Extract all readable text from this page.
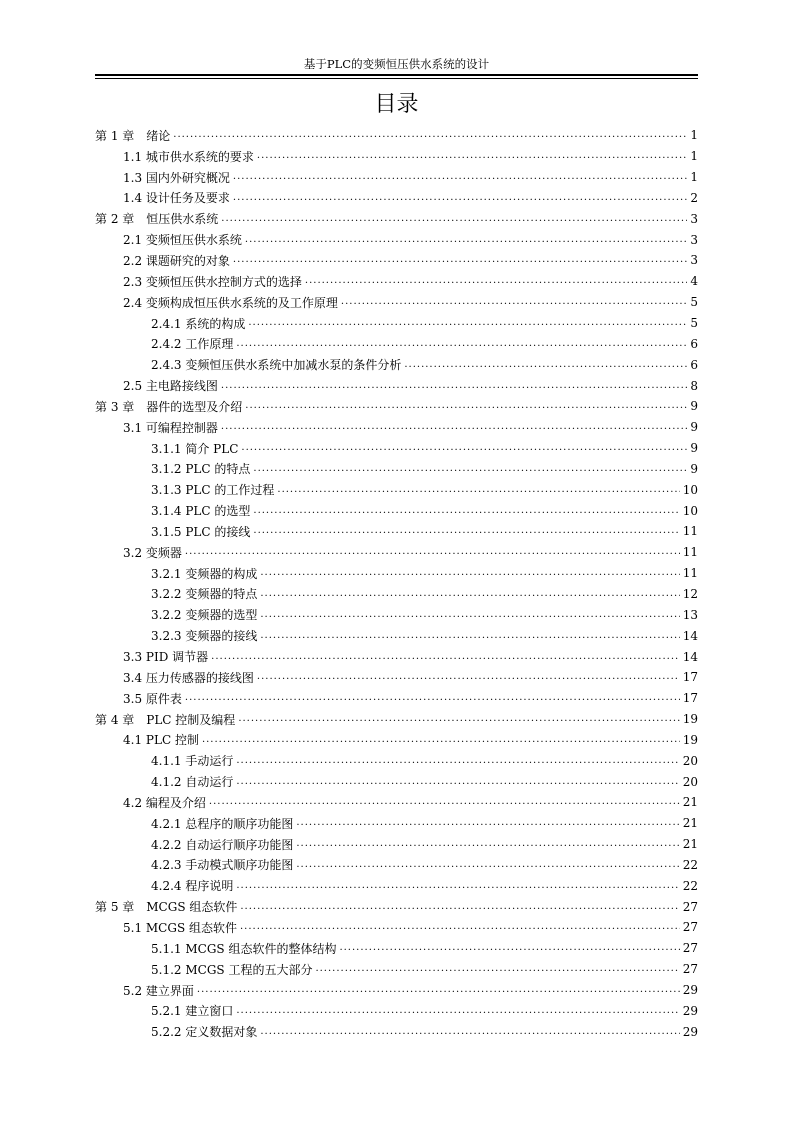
基于PLC的变频恒压供水系统的设计
目录
第 1 章　绪论 .....	1
1.1 城市供水系统的要求 .....	1
1.3 国内外研究概况 .....	1
1.4 设计任务及要求 .....	2
第 2 章　恒压供水系统 .....	3
2.1 变频恒压供水系统 .....	3
2.2 课题研究的对象 .....	3
2.3 变频恒压供水控制方式的选择 .....	4
2.4 变频构成恒压供水系统的及工作原理 .....	5
2.4.1 系统的构成 .....	5
2.4.2 工作原理 .....	6
2.4.3 变频恒压供水系统中加减水泵的条件分析 .....	6
2.5 主电路接线图 .....	8
第 3 章　器件的选型及介绍 .....	9
3.1 可编程控制器 .....	9
3.1.1 简介 PLC .....	9
3.1.2 PLC 的特点 .....	9
3.1.3 PLC 的工作过程 .....	10
3.1.4 PLC 的选型 .....	10
3.1.5 PLC 的接线 .....	11
3.2 变频器 .....	11
3.2.1 变频器的构成 .....	11
3.2.2 变频器的特点 .....	12
3.2.2 变频器的选型 .....	13
3.2.3 变频器的接线 .....	14
3.3 PID 调节器 .....	14
3.4 压力传感器的接线图 .....	17
3.5 原件表 .....	17
第 4 章　PLC 控制及编程 .....	19
4.1 PLC 控制 .....	19
4.1.1 手动运行 .....	20
4.1.2 自动运行 .....	20
4.2 编程及介绍 .....	21
4.2.1 总程序的顺序功能图 .....	21
4.2.2 自动运行顺序功能图 .....	21
4.2.3 手动模式顺序功能图 .....	22
4.2.4 程序说明 .....	22
第 5 章　MCGS 组态软件 .....	27
5.1 MCGS 组态软件 .....	27
5.1.1 MCGS 组态软件的整体结构 .....	27
5.1.2 MCGS 工程的五大部分 .....	27
5.2 建立界面 .....	29
5.2.1 建立窗口 .....	29
5.2.2 定义数据对象 .....	29
